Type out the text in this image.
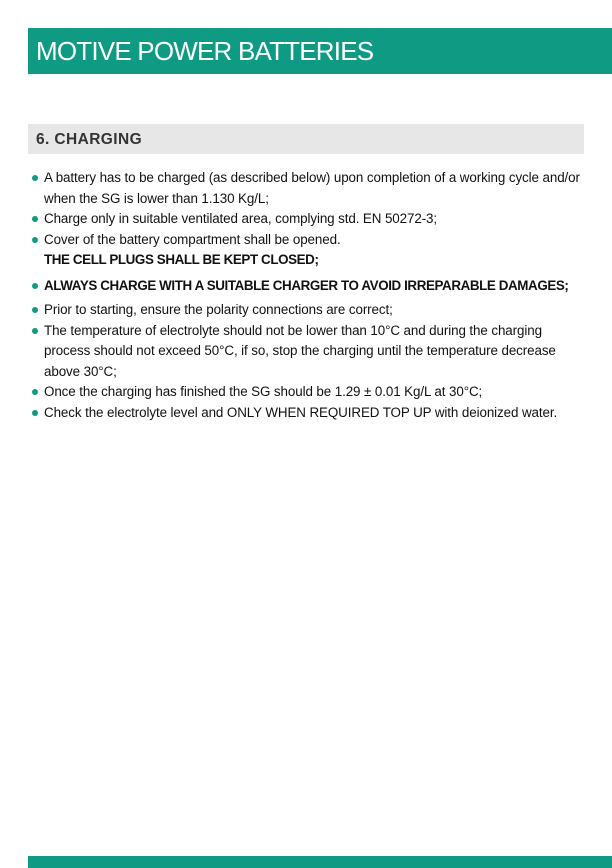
MOTIVE POWER BATTERIES
6. CHARGING
A battery has to be charged (as described below) upon completion of a working cycle and/or when the SG is lower than 1.130 Kg/L;
Charge only in suitable ventilated area, complying std. EN 50272-3;
Cover of the battery compartment shall be opened.
THE CELL PLUGS SHALL BE KEPT CLOSED;
ALWAYS CHARGE WITH A SUITABLE CHARGER TO AVOID IRREPARABLE DAMAGES;
Prior to starting, ensure the polarity connections are correct;
The temperature of electrolyte should not be lower than 10°C and during the charging process should not exceed 50°C, if so, stop the charging until the temperature decrease above 30°C;
Once the charging has finished the SG should be 1.29 ± 0.01 Kg/L at 30°C;
Check the electrolyte level and ONLY WHEN REQUIRED TOP UP with deionized water.
